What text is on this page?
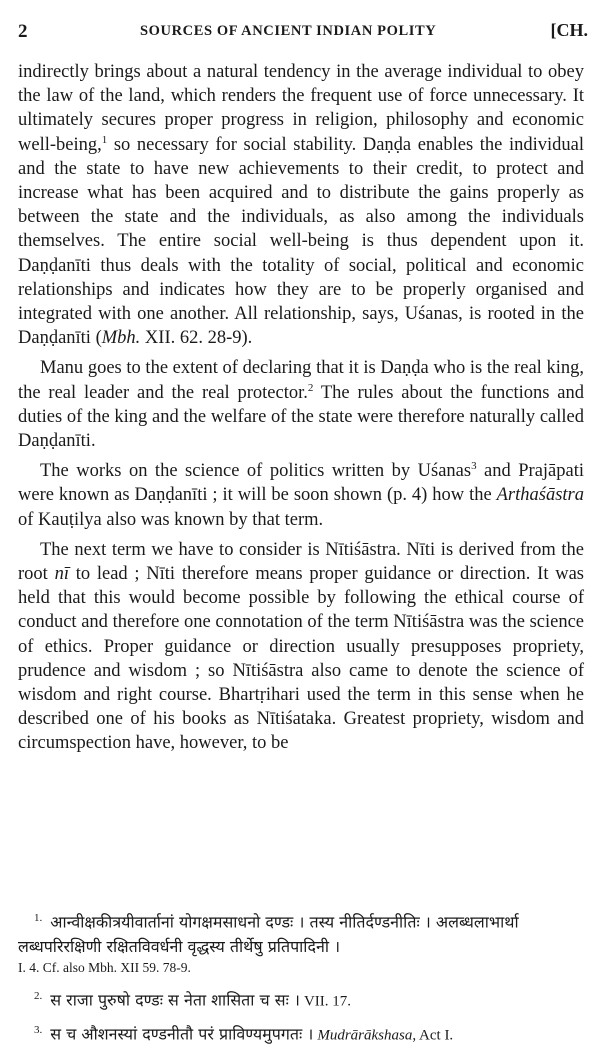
2	SOURCES OF ANCIENT INDIAN POLITY	[CH.

indirectly brings about a natural tendency in the average individual to obey the law of the land, which renders the frequent use of force unnecessary. It ultimately secures proper progress in religion, philosophy and economic well-being,$^1$ so necessary for social stability. Daṇḍa enables the individual and the state to have new achievements to their credit, to protect and increase what has been acquired and to distribute the gains properly as between the state and the individuals, as also among the individuals themselves. The entire social well-being is thus dependent upon it. Daṇḍanīti thus deals with the totality of social, political and economic relationships and indicates how they are to be properly organised and integrated with one another. All relationship, says, Uśanas, is rooted in the Daṇḍanīti (Mbh. XII. 62. 28-9).

Manu goes to the extent of declaring that it is Daṇḍa who is the real king, the real leader and the real protector.$^2$ The rules about the functions and duties of the king and the welfare of the state were therefore naturally called Daṇḍanīti.

The works on the science of politics written by Uśanas$^3$ and Prajāpati were known as Daṇḍanīti ; it will be soon shown (p. 4) how the Arthaśāstra of Kauṭilya also was known by that term.

The next term we have to consider is Nītiśāstra. Nīti is derived from the root nī to lead ; Nīti therefore means proper guidance or direction. It was held that this would become possible by following the ethical course of conduct and therefore one connotation of the term Nītiśāstra was the science of ethics. Proper guidance or direction usually presupposes propriety, prudence and wisdom ; so Nītiśāstra also came to denote the science of wisdom and right course. Bhartṛihari used the term in this sense when he described one of his books as Nītiśataka. Greatest propriety, wisdom and circumspection have, however, to be

$^{1.}$ आन्वीक्षकीत्रयीवार्तानां योगक्षमसाधनो दण्डः । तस्य नीतिर्दण्डनीतिः । अलब्धलाभार्था लब्धपरिरक्षिणी रक्षितविवर्धनी वृद्धस्य तीर्थेषु प्रतिपादिनी ।
I. 4. Cf. also Mbh. XII 59. 78-9.
$^{2.}$ स राजा पुरुषो दण्डः स नेता शासिता च सः । VII. 17.
$^{3.}$ स च औशनस्यां दण्डनीतौ परं प्राविण्यमुपगतः । Mudrārākshasa, Act I.
